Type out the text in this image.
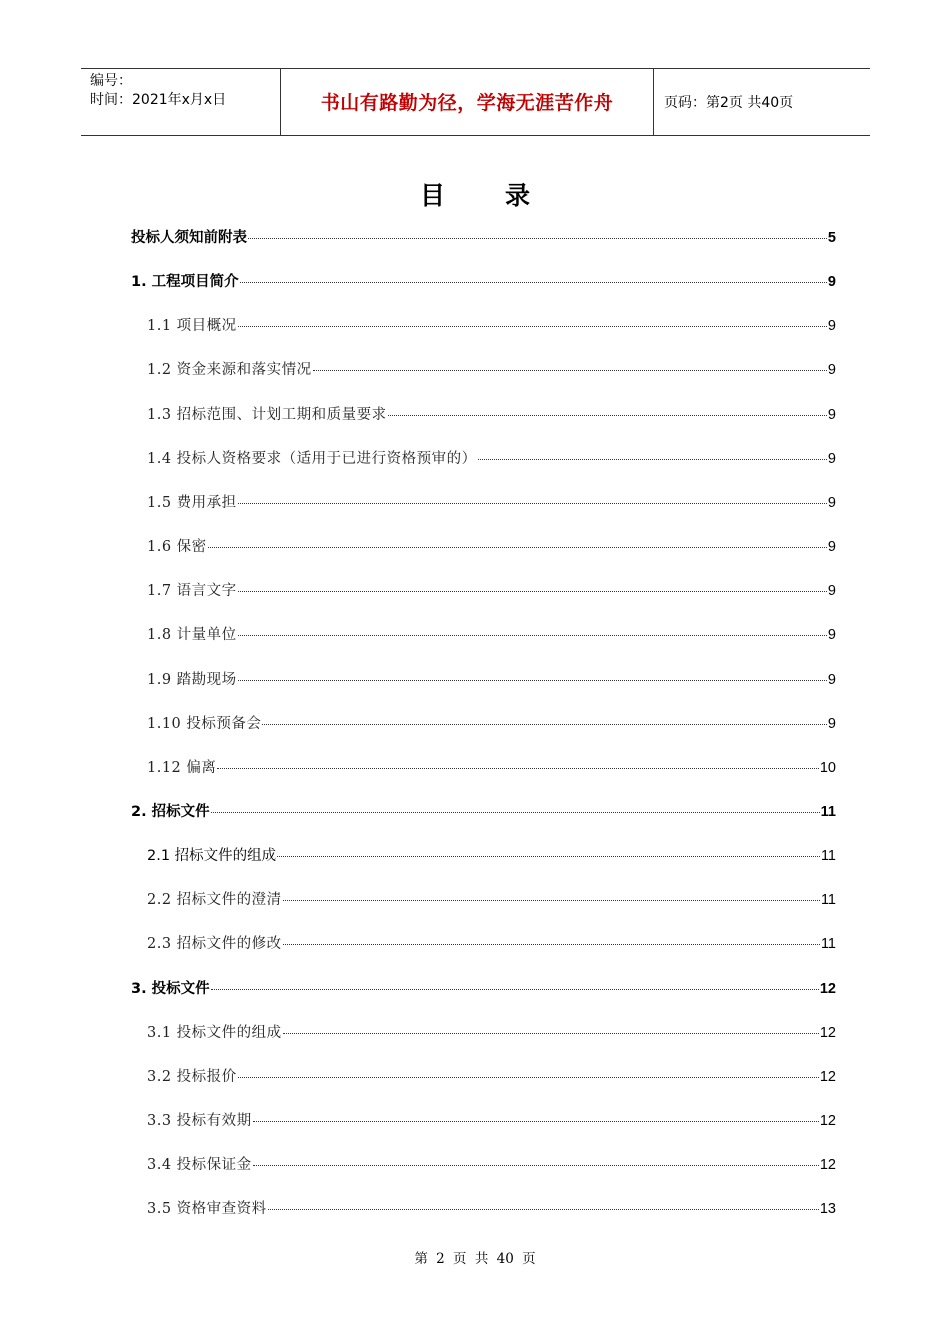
编号：
时间：2021年x月x日	书山有路勤为径，学海无涯苦作舟	页码：第2页 共40页
目 录
投标人须知前附表	5
1. 工程项目简介	9
1.1 项目概况	9
1.2 资金来源和落实情况	9
1.3 招标范围、计划工期和质量要求	9
1.4 投标人资格要求（适用于已进行资格预审的）	9
1.5 费用承担	9
1.6 保密	9
1.7 语言文字	9
1.8 计量单位	9
1.9 踏勘现场	9
1.10 投标预备会	9
1.12 偏离	10
2. 招标文件	11
2.1 招标文件的组成	11
2.2 招标文件的澄清	11
2.3 招标文件的修改	11
3. 投标文件	12
3.1 投标文件的组成	12
3.2 投标报价	12
3.3 投标有效期	12
3.4 投标保证金	12
3.5 资格审查资料	13
第 2 页 共 40 页
